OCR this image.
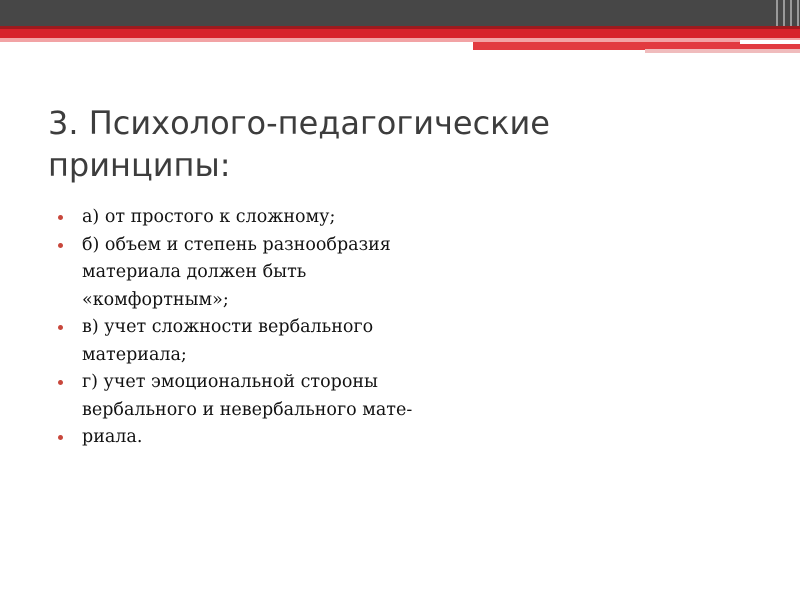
3. Психолого-педагогические принципы:
а) от простого к сложному;
б) объем и степень разнообразия материала должен быть «комфортным»;
в) учет сложности вербального материала;
г) учет эмоциональной стороны вербального и невербального мате-
риала.
